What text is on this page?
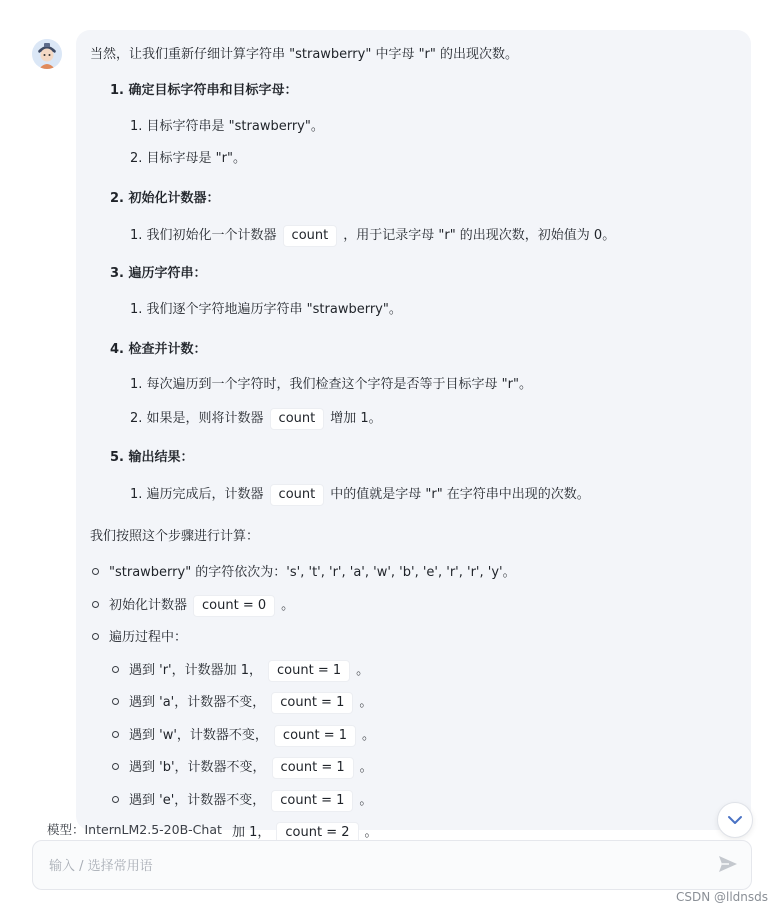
当然，让我们重新仔细计算字符串 "strawberry" 中字母 "r" 的出现次数。
1. 确定目标字符串和目标字母：
1. 目标字符串是 "strawberry"。
2. 目标字母是 "r"。
2. 初始化计数器：
1. 我们初始化一个计数器 count ，用于记录字母 "r" 的出现次数，初始值为 0。
3. 遍历字符串：
1. 我们逐个字符地遍历字符串 "strawberry"。
4. 检查并计数：
1. 每次遍历到一个字符时，我们检查这个字符是否等于目标字母 "r"。
2. 如果是，则将计数器 count 增加 1。
5. 输出结果：
1. 遍历完成后，计数器 count 中的值就是字母 "r" 在字符串中出现的次数。
我们按照这个步骤进行计算：
"strawberry" 的字符依次为：'s', 't', 'r', 'a', 'w', 'b', 'e', 'r', 'r', 'y'。
初始化计数器 count = 0 。
遍历过程中：
遇到 'r'，计数器加 1， count = 1 。
遇到 'a'，计数器不变， count = 1 。
遇到 'w'，计数器不变， count = 1 。
遇到 'b'，计数器不变， count = 1 。
遇到 'e'，计数器不变， count = 1 。
加 1， count = 2 。
模型：InternLM2.5-20B-Chat
输入 / 选择常用语
CSDN @lldnsds
